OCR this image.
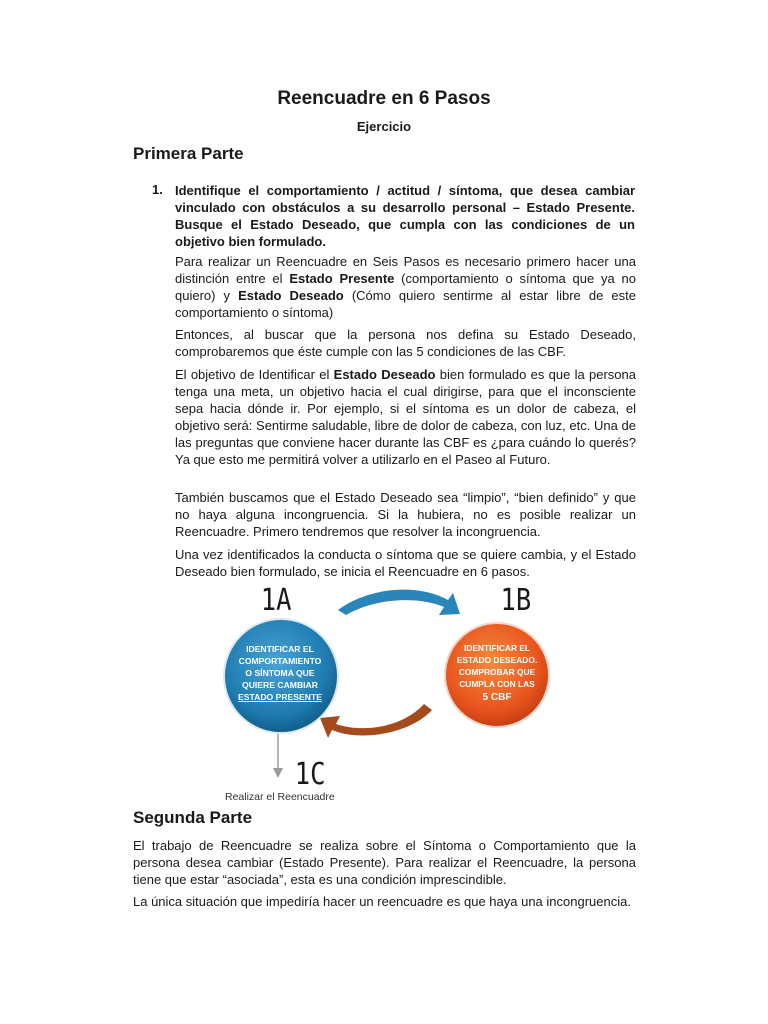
Reencuadre en 6 Pasos
Ejercicio
Primera Parte
1. Identifique el comportamiento / actitud / síntoma, que desea cambiar vinculado con obstáculos a su desarrollo personal – Estado Presente. Busque el Estado Deseado, que cumpla con las condiciones de un objetivo bien formulado.
Para realizar un Reencuadre en Seis Pasos es necesario primero hacer una distinción entre el Estado Presente (comportamiento o síntoma que ya no quiero) y Estado Deseado (Cómo quiero sentirme al estar libre de este comportamiento o síntoma)
Entonces, al buscar que la persona nos defina su Estado Deseado, comprobaremos que éste cumple con las 5 condiciones de las CBF.
El objetivo de Identificar el Estado Deseado bien formulado es que la persona tenga una meta, un objetivo hacia el cual dirigirse, para que el inconsciente sepa hacia dónde ir. Por ejemplo, si el síntoma es un dolor de cabeza, el objetivo será: Sentirme saludable, libre de dolor de cabeza, con luz, etc. Una de las preguntas que conviene hacer durante las CBF es ¿para cuándo lo querés? Ya que esto me permitirá volver a utilizarlo en el Paseo al Futuro.
También buscamos que el Estado Deseado sea “limpio”, “bien definido” y que no haya alguna incongruencia. Si la hubiera, no es posible realizar un Reencuadre. Primero tendremos que resolver la incongruencia.
Una vez identificados la conducta o síntoma que se quiere cambia, y el Estado Deseado bien formulado, se inicia el Reencuadre en 6 pasos.
IDENTIFICAR EL
COMPORTAMIENTO
O SÍNTOMA QUE
QUIERE CAMBIAR
ESTADO PRESENTE
IDENTIFICAR EL
ESTADO DESEADO.
COMPROBAR QUE
CUMPLA CON LAS
5 CBF
1A	1B
1C
Realizar el Reencuadre
Segunda Parte
El trabajo de Reencuadre se realiza sobre el Síntoma o Comportamiento que la persona desea cambiar (Estado Presente). Para realizar el Reencuadre, la persona tiene que estar “asociada”, esta es una condición imprescindible.
La única situación que impediría hacer un reencuadre es que haya una incongruencia.
